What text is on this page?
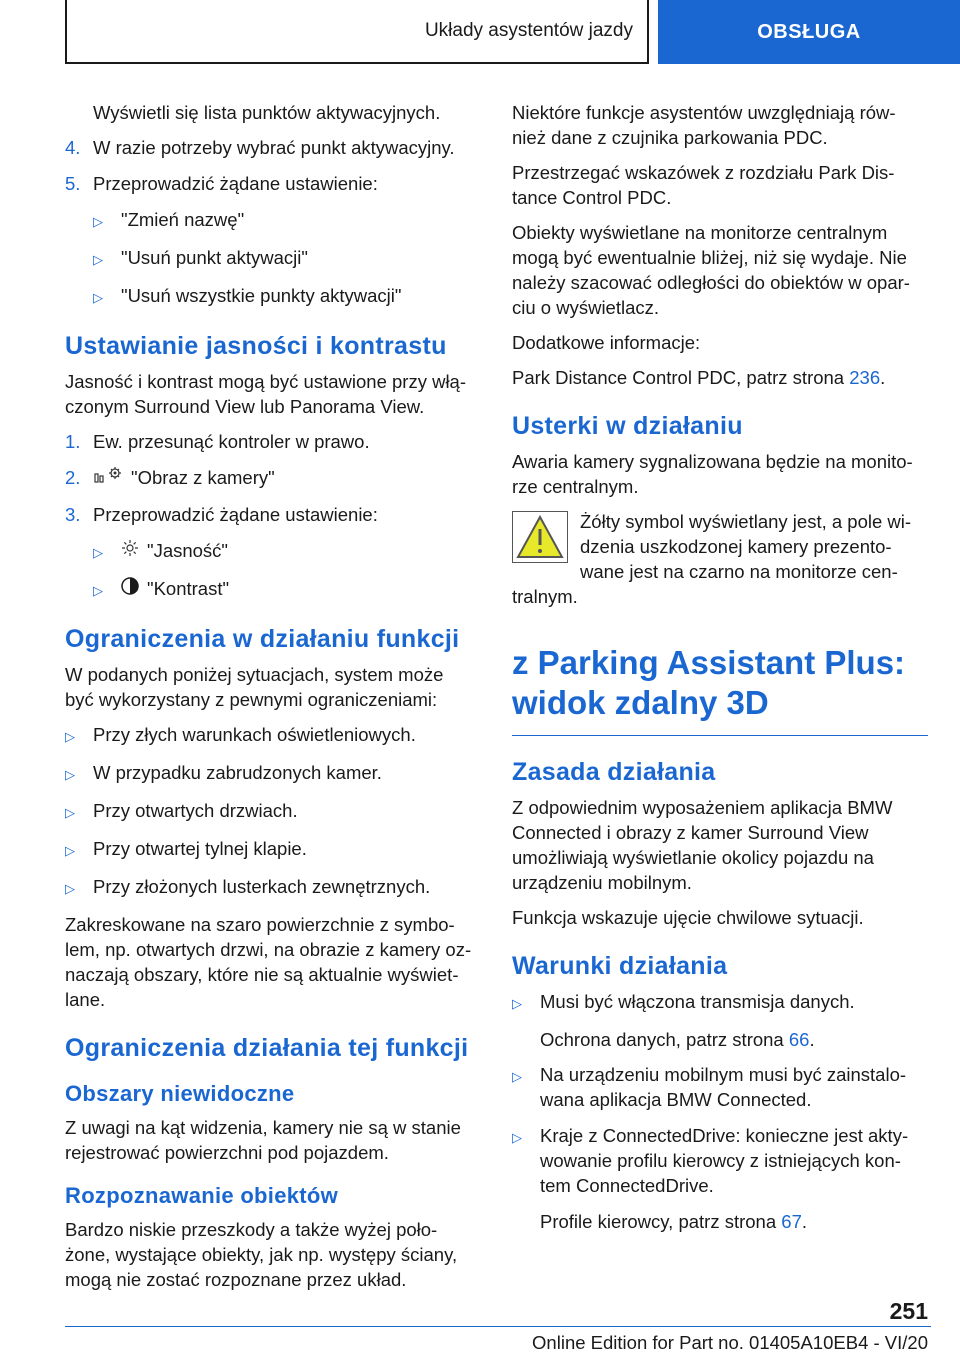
Układy asystentów jazdy	OBSŁUGA

Wyświetli się lista punktów aktywacyjnych.

4. W razie potrzeby wybrać punkt aktywacyjny.
5. Przeprowadzić żądane ustawienie:
▷ "Zmień nazwę"
▷ "Usuń punkt aktywacji"
▷ "Usuń wszystkie punkty aktywacji"
Ustawianie jasności i kontrastu

Jasność i kontrast mogą być ustawione przy włą-czonym Surround View lub Panorama View.

1. Ew. przesunąć kontroler w prawo.
2.	"Obraz z kamery"
3. Przeprowadzić żądane ustawienie:
▷	"Jasność"
▷	"Kontrast"
Ograniczenia w działaniu funkcji

W podanych poniżej sytuacjach, system może być wykorzystany z pewnymi ograniczeniami:

▷ Przy złych warunkach oświetleniowych.
▷ W przypadku zabrudzonych kamer.
▷ Przy otwartych drzwiach.
▷ Przy otwartej tylnej klapie.
▷ Przy złożonych lusterkach zewnętrznych.

Zakreskowane na szaro powierzchnie z symbo-lem, np. otwartych drzwi, na obrazie z kamery oz-naczają obszary, które nie są aktualnie wyświet-lane.

Ograniczenia działania tej funkcji
Obszary niewidoczne

Z uwagi na kąt widzenia, kamery nie są w stanie rejestrować powierzchni pod pojazdem.

Rozpoznawanie obiektów

Bardzo niskie przeszkody a także wyżej poło-żone, wystające obiekty, jak np. występy ściany, mogą nie zostać rozpoznane przez układ.

Niektóre funkcje asystentów uwzględniają rów-nież dane z czujnika parkowania PDC.

Przestrzegać wskazówek z rozdziału Park Dis-tance Control PDC.

Obiekty wyświetlane na monitorze centralnym mogą być ewentualnie bliżej, niż się wydaje. Nie należy szacować odległości do obiektów w opar-ciu o wyświetlacz.

Dodatkowe informacje:

Park Distance Control PDC, patrz strona 236.

Usterki w działaniu

Awaria kamery sygnalizowana będzie na monito-rze centralnym.

Żółty symbol wyświetlany jest, a pole wi-dzenia uszkodzonej kamery prezento-wane jest na czarno na monitorze cen-tralnym.

z Parking Assistant Plus:
widok zdalny 3D
Zasada działania

Z odpowiednim wyposażeniem aplikacja BMW Connected i obrazy z kamer Surround View umożliwiają wyświetlanie okolicy pojazdu na urządzeniu mobilnym.

Funkcja wskazuje ujęcie chwilowe sytuacji.

Warunki działania
▷ Musi być włączona transmisja danych.

Ochrona danych, patrz strona 66.

▷ Na urządzeniu mobilnym musi być zainstalo-wana aplikacja BMW Connected.
▷ Kraje z ConnectedDrive: konieczne jest akty-wowanie profilu kierowcy z istniejących kon-tem ConnectedDrive.

Profile kierowcy, patrz strona 67.

251
Online Edition for Part no. 01405A10EB4 - VI/20
